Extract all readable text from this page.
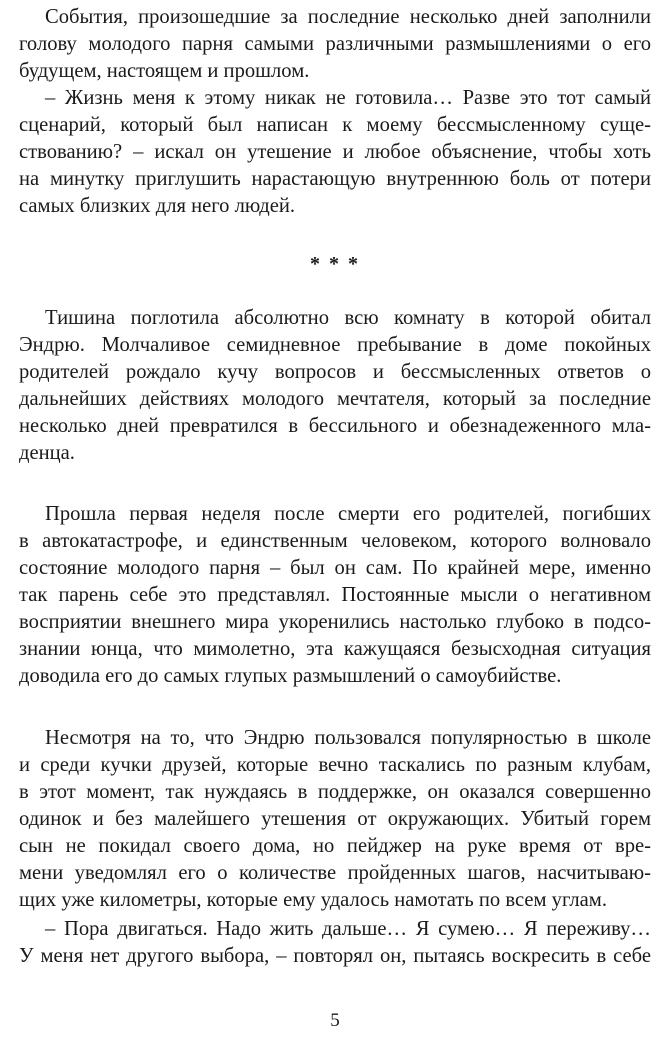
События, произошедшие за последние несколько дней заполнили
голову молодого парня самыми различными размышлениями о его
будущем, настоящем и прошлом.
– Жизнь меня к этому никак не готовила… Разве это тот самый
сценарий, который был написан к моему бессмысленному суще-
ствованию? – искал он утешение и любое объяснение, чтобы хоть
на минутку приглушить нарастающую внутреннюю боль от потери
самых близких для него людей.
* * *
Тишина поглотила абсолютно всю комнату в которой обитал
Эндрю. Молчаливое семидневное пребывание в доме покойных
родителей рождало кучу вопросов и бессмысленных ответов о
дальнейших действиях молодого мечтателя, который за последние
несколько дней превратился в бессильного и обезнадеженного мла-
денца.
Прошла первая неделя после смерти его родителей, погибших
в автокатастрофе, и единственным человеком, которого волновало
состояние молодого парня – был он сам. По крайней мере, именно
так парень себе это представлял. Постоянные мысли о негативном
восприятии внешнего мира укоренились настолько глубоко в подсо-
знании юнца, что мимолетно, эта кажущаяся безысходная ситуация
доводила его до самых глупых размышлений о самоубийстве.
Несмотря на то, что Эндрю пользовался популярностью в школе
и среди кучки друзей, которые вечно таскались по разным клубам,
в этот момент, так нуждаясь в поддержке, он оказался совершенно
одинок и без малейшего утешения от окружающих. Убитый горем
сын не покидал своего дома, но пейджер на руке время от вре-
мени уведомлял его о количестве пройденных шагов, насчитываю-
щих уже километры, которые ему удалось намотать по всем углам.
– Пора двигаться. Надо жить дальше… Я сумею… Я переживу…
У меня нет другого выбора, – повторял он, пытаясь воскресить в себе
5
